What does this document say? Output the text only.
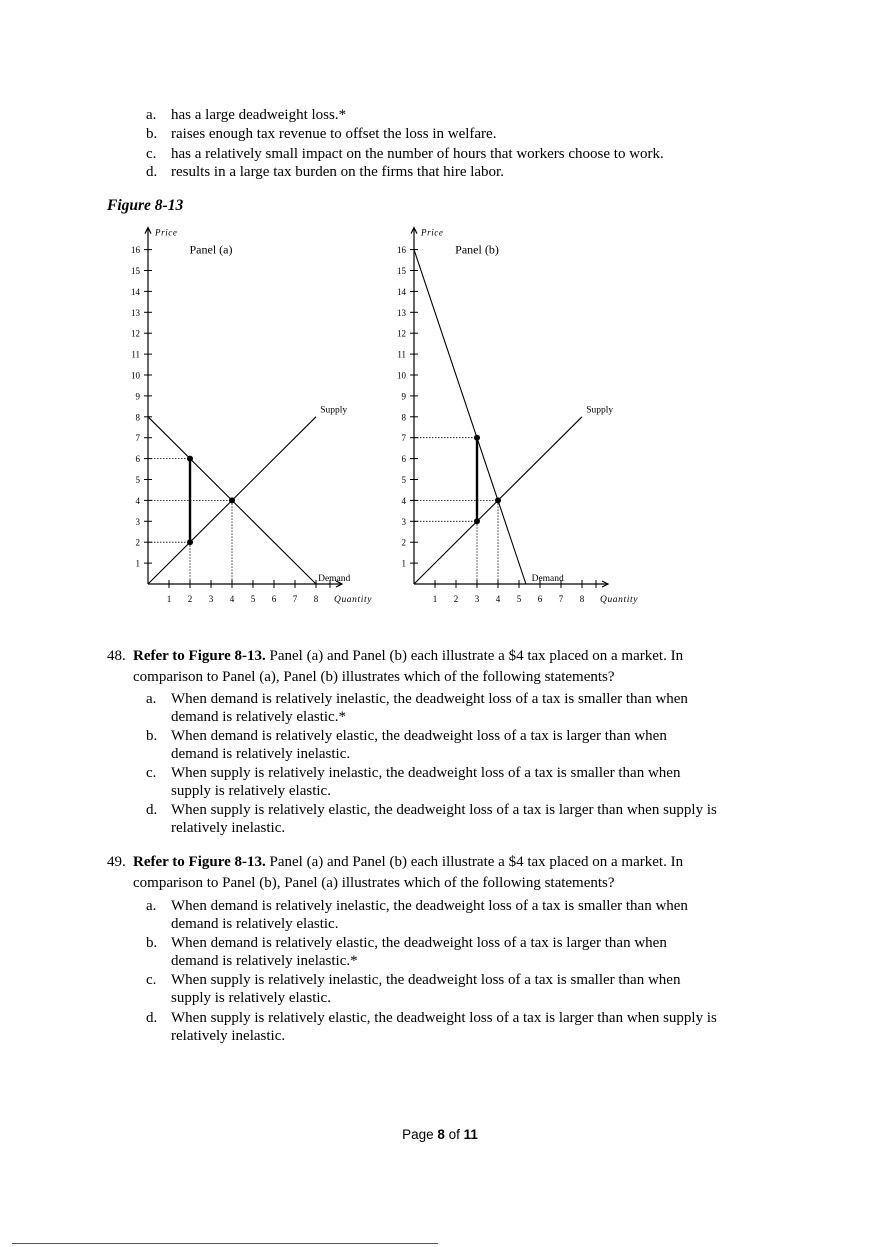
a. has a large deadweight loss.*
b. raises enough tax revenue to offset the loss in welfare.
c. has a relatively small impact on the number of hours that workers choose to work.
d. results in a large tax burden on the firms that hire labor.
Figure 8-13
1
2
3
4
5
6
7
8
9
10
11
12
13
14
15
16
1 2 3 4 5 6 7 8
Price
Quantity
Panel (a)
Supply
Demand
1
2
3
4
5
6
7
8
9
10
11
12
13
14
15
16
1 2 3 4 5 6 7 8
Price
Quantity
Panel (b)
Supply
Demand
48. Refer to Figure 8-13. Panel (a) and Panel (b) each illustrate a $4 tax placed on a market. In
comparison to Panel (a), Panel (b) illustrates which of the following statements?
a. When demand is relatively inelastic, the deadweight loss of a tax is smaller than when
demand is relatively elastic.*
b. When demand is relatively elastic, the deadweight loss of a tax is larger than when
demand is relatively inelastic.
c. When supply is relatively inelastic, the deadweight loss of a tax is smaller than when
supply is relatively elastic.
d. When supply is relatively elastic, the deadweight loss of a tax is larger than when supply is
relatively inelastic.
49. Refer to Figure 8-13. Panel (a) and Panel (b) each illustrate a $4 tax placed on a market. In
comparison to Panel (b), Panel (a) illustrates which of the following statements?
a. When demand is relatively inelastic, the deadweight loss of a tax is smaller than when
demand is relatively elastic.
b. When demand is relatively elastic, the deadweight loss of a tax is larger than when
demand is relatively inelastic.*
c. When supply is relatively inelastic, the deadweight loss of a tax is smaller than when
supply is relatively elastic.
d. When supply is relatively elastic, the deadweight loss of a tax is larger than when supply is
relatively inelastic.
Page 8 of 11
